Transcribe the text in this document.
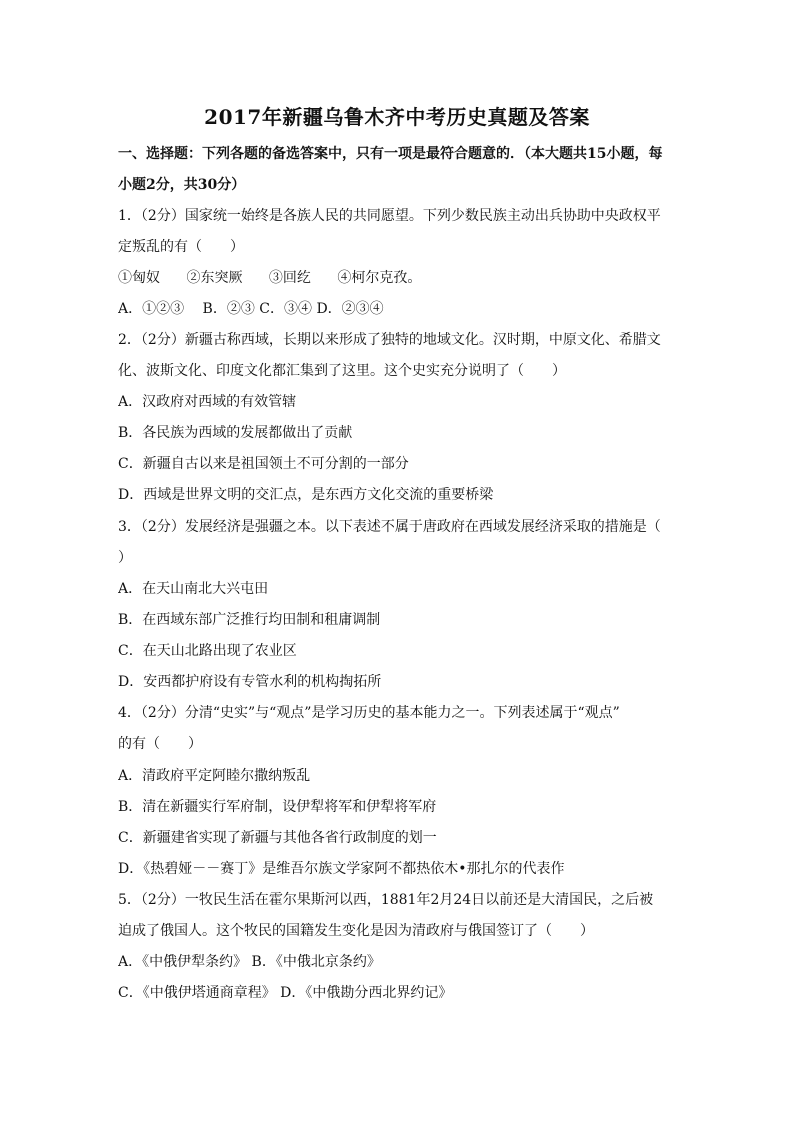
2017年新疆乌鲁木齐中考历史真题及答案
一、选择题：下列各题的备选答案中，只有一项是最符合题意的．（本大题共15小题，每
小题2分，共30分）
1．（2分）国家统一始终是各族人民的共同愿望。下列少数民族主动出兵协助中央政权平
定叛乱的有（　　）
①匈奴 ②东突厥 ③回纥 ④柯尔克孜。
A．①②③　 B．②③ C．③④ D．②③④
2．（2分）新疆古称西域，长期以来形成了独特的地域文化。汉时期，中原文化、希腊文
化、波斯文化、印度文化都汇集到了这里。这个史实充分说明了（　　）
A．汉政府对西域的有效管辖
B．各民族为西域的发展都做出了贡献
C．新疆自古以来是祖国领土不可分割的一部分
D．西域是世界文明的交汇点，是东西方文化交流的重要桥梁
3．（2分）发展经济是强疆之本。以下表述不属于唐政府在西域发展经济采取的措施是（
）
A．在天山南北大兴屯田
B．在西域东部广泛推行均田制和租庸调制
C．在天山北路出现了农业区
D．安西都护府设有专管水利的机构掏拓所
4．（2分）分清“史实”与“观点”是学习历史的基本能力之一。下列表述属于“观点”
的有（　　）
A．清政府平定阿睦尔撒纳叛乱
B．清在新疆实行军府制，设伊犁将军和伊犁将军府
C．新疆建省实现了新疆与其他各省行政制度的划一
D．《热碧娅－－赛丁》是维吾尔族文学家阿不都热依木•那扎尔的代表作
5．（2分）一牧民生活在霍尔果斯河以西，1881年2月24日以前还是大清国民，之后被
迫成了俄国人。这个牧民的国籍发生变化是因为清政府与俄国签订了（　　）
A．《中俄伊犁条约》 B．《中俄北京条约》
C．《中俄伊塔通商章程》 D．《中俄勘分西北界约记》
